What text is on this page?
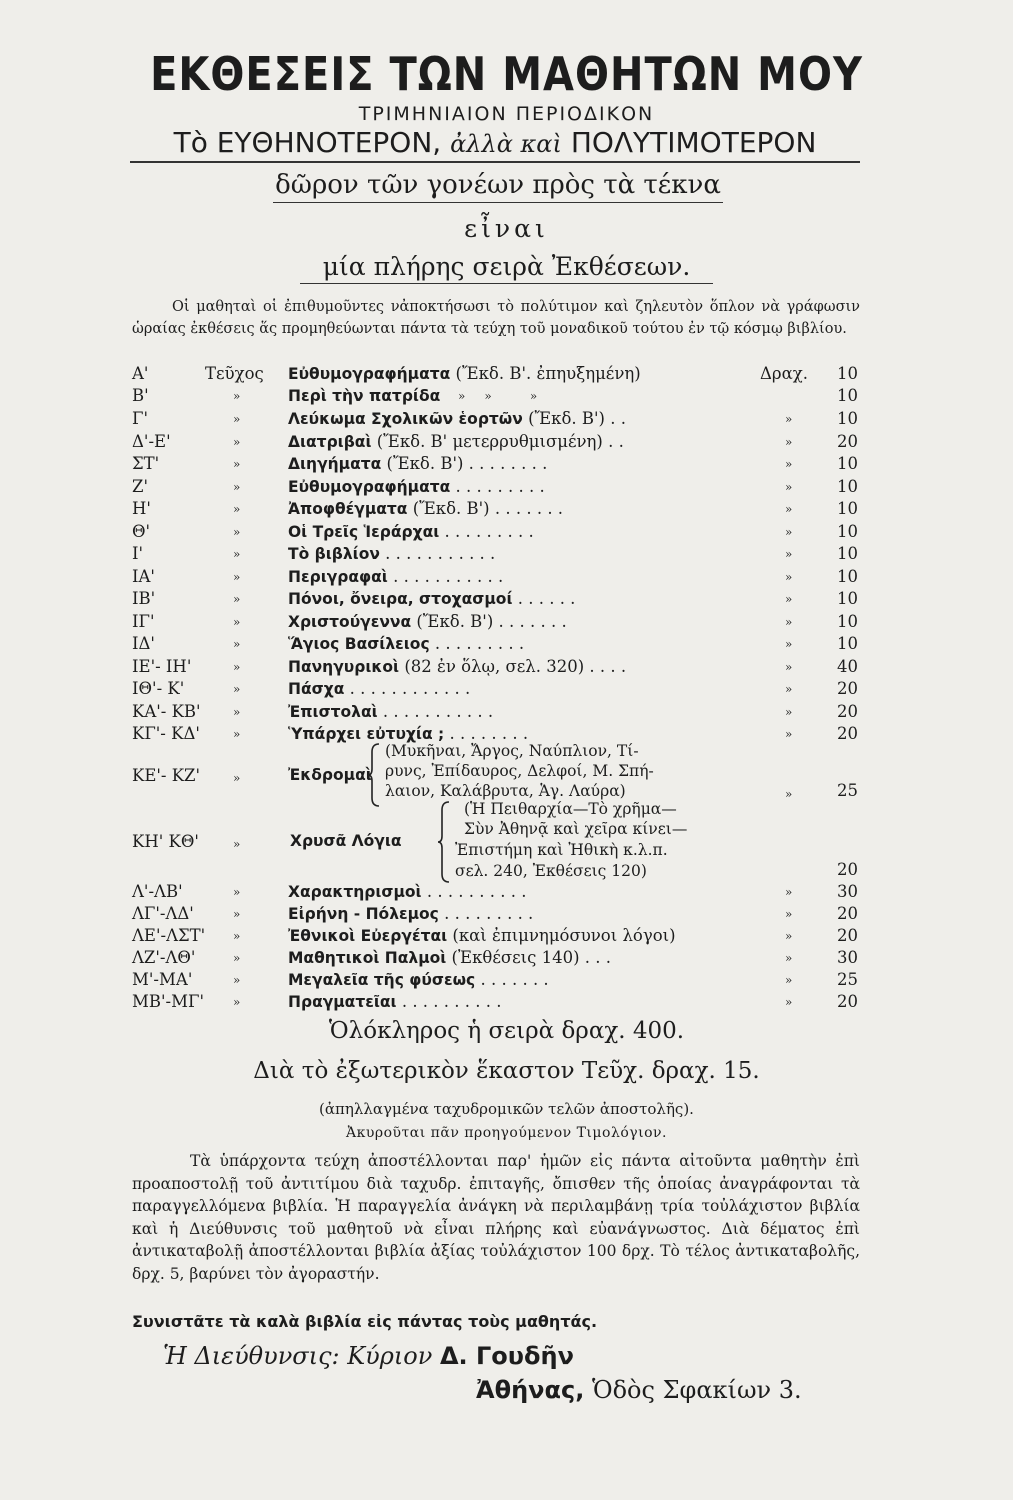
ΕΚΘΕΣΕΙΣ ΤΩΝ ΜΑΘΗΤΩΝ ΜΟΥ
ΤΡΙΜΗΝΙΑΙΟΝ ΠΕΡΙΟΔΙΚΟΝ
Τὸ ΕΥΘΗΝΟΤΕΡΟΝ, ἀλλὰ καὶ ΠΟΛΥΤΙΜΟΤΕΡΟΝ
δῶρον τῶν γονέων πρὸς τὰ τέκνα
εἶναι
μία πλήρης σειρὰ Ἐκθέσεων.
Οἱ μαθηταὶ οἱ ἐπιθυμοῦντες νἀποκτήσωσι τὸ πολύτιμον καὶ ζηλευτὸν ὅπλον νὰ γράφωσιν ὡραίας ἐκθέσεις ἅς προμηθεύωνται πάντα τὰ τεύχη τοῦ μοναδικοῦ τούτου ἐν τῷ κόσμῳ βιβλίου.
Α'	Τεῦχος Εὐθυμογραφήματα (Ἔκδ. Β'. ἐπηυξημένη)	Δραχ.	10
Β'	»	Περὶ τὴν πατρίδα »     »          »	10
Γ'	»	Λεύκωμα Σχολικῶν ἑορτῶν (Ἔκδ. Β') . .	»	10
Δ'-Ε'	»	Διατριβαὶ (Ἔκδ. Β' μετερρυθμισμένη) . .	»	20
ΣΤ'	»	Διηγήματα (Ἔκδ. Β') . . . . . . . .	»	10
Ζ'	»	Εὐθυμογραφήματα . . . . . . . . .	»	10
Η'	»	Ἀποφθέγματα (Ἔκδ. Β') . . . . . . .	»	10
Θ'	»	Οἱ Τρεῖς Ἱεράρχαι . . . . . . . . .	»	10
Ι'	»	Τὸ βιβλίον . . . . . . . . . . .	»	10
ΙΑ'	»	Περιγραφαὶ . . . . . . . . . . .	»	10
ΙΒ'	»	Πόνοι, ὄνειρα, στοχασμοί . . . . . .	»	10
ΙΓ'	»	Χριστούγεννα (Ἔκδ. Β') . . . . . . .	»	10
ΙΔ'	»	Ἅγιος Βασίλειος . . . . . . . . .	»	10
ΙΕ'- ΙΗ'	»	Πανηγυρικοὶ (82 ἐν ὅλῳ, σελ. 320) . . . .	»	40
ΙΘ'- Κ'	»	Πάσχα . . . . . . . . . . . .	»	20
ΚΑ'- ΚΒ'	»	Ἐπιστολαὶ . . . . . . . . . . .	»	20
ΚΓ'- ΚΔ'	»	Ὑπάρχει εὐτυχία ; . . . . . . . .	»	20
ΚΕ'- ΚΖ'	»	Ἐκδρομαὶ
(Μυκῆναι, Ἄργος, Ναύπλιον, Τί-
ρυνς, Ἐπίδαυρος, Δελφοί, Μ. Σπή-
λαιον, Καλάβρυτα, Ἁγ. Λαύρα)	»	25
ΚΗ' ΚΘ'	»	Χρυσᾶ Λόγια
(Ἡ Πειθαρχία—Τὸ χρῆμα—
Σὺν Ἀθηνᾷ καὶ χεῖρα κίνει—
Ἐπιστήμη καὶ Ἠθικὴ κ.λ.π.
σελ. 240, Ἐκθέσεις 120)	20
Λ'-ΛΒ'	»	Χαρακτηρισμοὶ . . . . . . . . . .	»	30
ΛΓ'-ΛΔ'	»	Εἰρήνη - Πόλεμος . . . . . . . . .	»	20
ΛΕ'-ΛΣΤ' »	Ἐθνικοὶ Εὐεργέται (καὶ ἐπιμνημόσυνοι λόγοι)	»	20
ΛΖ'-ΛΘ'	»	Μαθητικοὶ Παλμοὶ (Ἐκθέσεις 140) . . .	»	30
Μ'-ΜΑ'	»	Μεγαλεῖα τῆς φύσεως . . . . . . .	»	25
ΜΒ'-ΜΓ' »	Πραγματεῖαι . . . . . . . . . .	»	20
Ὁλόκληρος ἡ σειρὰ δραχ. 400.
Διὰ τὸ ἐξωτερικὸν ἕκαστον Τεῦχ. δραχ. 15.
(ἀπηλλαγμένα ταχυδρομικῶν τελῶν ἀποστολῆς).
Ἀκυροῦται πᾶν προηγούμενον Τιμολόγιον.
Τὰ ὑπάρχοντα τεύχη ἀποστέλλονται παρ' ἡμῶν εἰς πάντα αἰτοῦντα μαθητὴν ἐπὶ προαποστολῇ τοῦ ἀντιτίμου διὰ ταχυδρ. ἐπιταγῆς, ὄπισθεν τῆς ὁποίας ἀναγράφονται τὰ παραγγελλόμενα βιβλία. Ἡ παραγγελία ἀνάγκη νὰ περιλαμβάνῃ τρία τοὐλάχιστον βιβλία καὶ ἡ Διεύθυνσις τοῦ μαθητοῦ νὰ εἶναι πλήρης καὶ εὐανάγνωστος. Διὰ δέματος ἐπὶ ἀντικαταβολῇ ἀποστέλλονται βιβλία ἀξίας τοὐλάχιστον 100 δρχ. Τὸ τέλος ἀντικαταβολῆς, δρχ. 5, βαρύνει τὸν ἀγοραστήν.
Συνιστᾶτε τὰ καλὰ βιβλία εἰς πάντας τοὺς μαθητάς.
Ἡ Διεύθυνσις: Κύριον Δ. Γουδῆν
Ἀθήνας, Ὁδὸς Σφακίων 3.
